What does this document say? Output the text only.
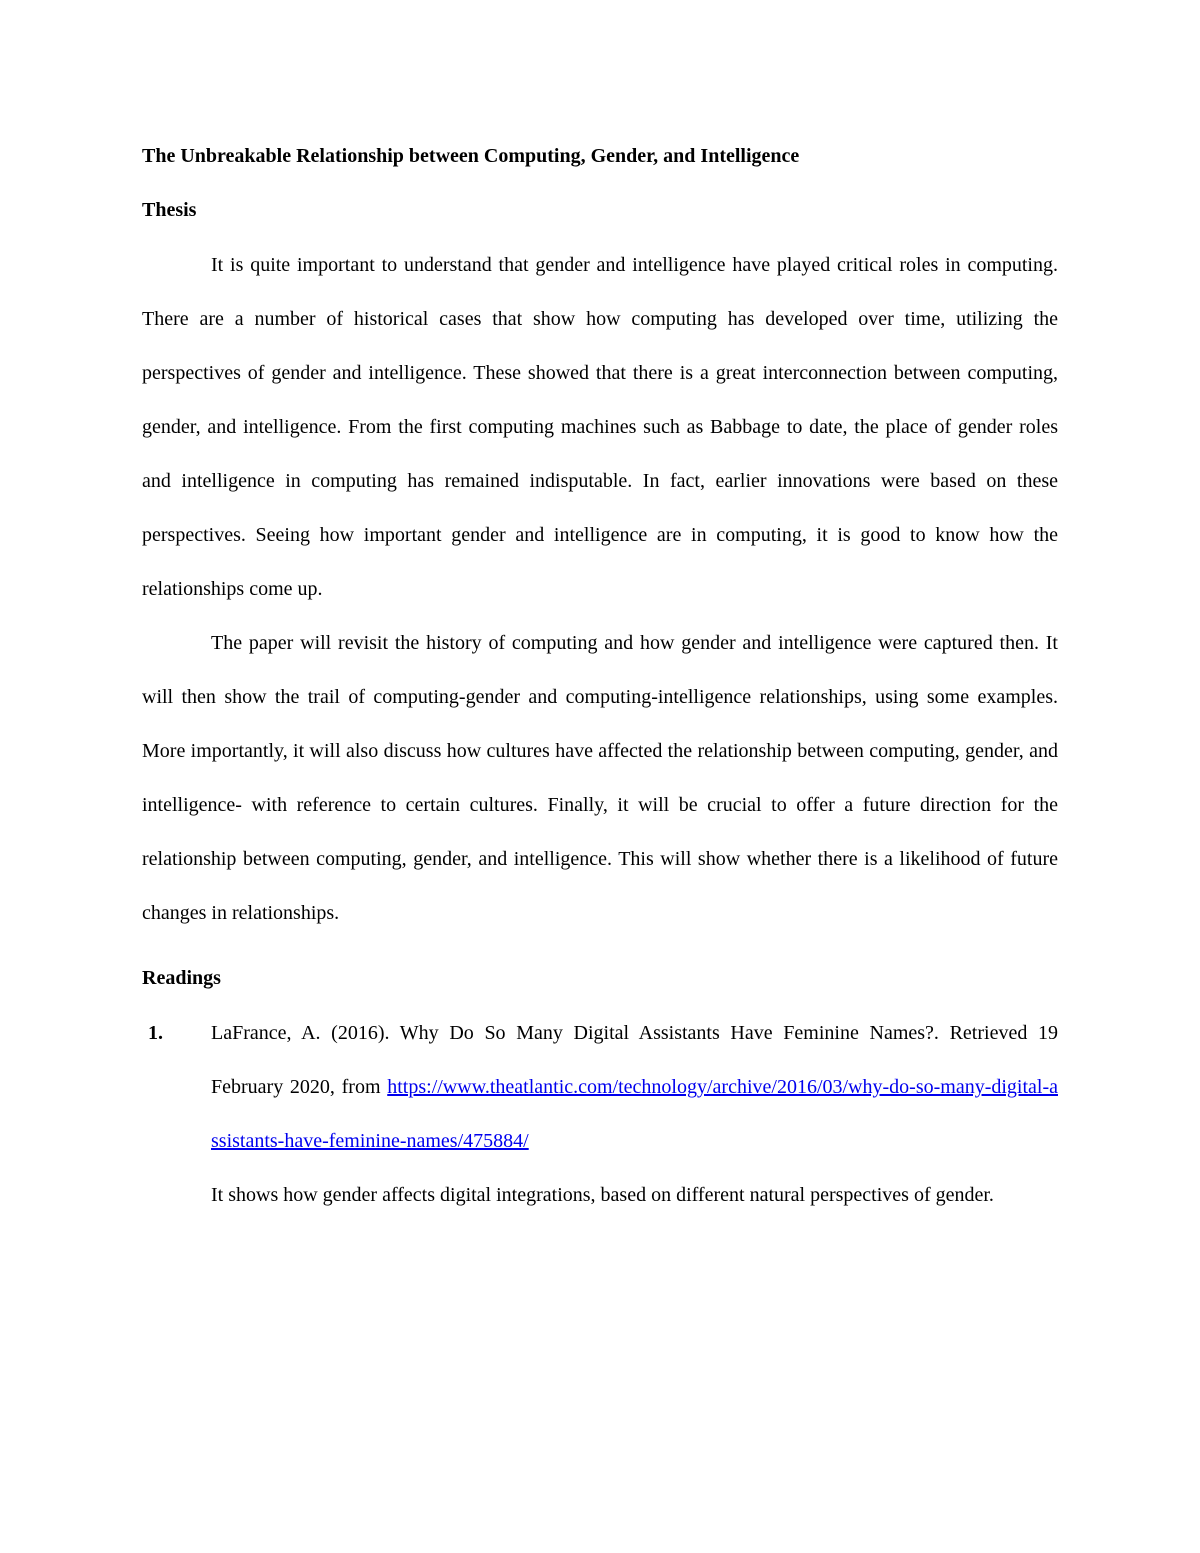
The Unbreakable Relationship between Computing, Gender, and Intelligence
Thesis

It is quite important to understand that gender and intelligence have played critical roles in computing. There are a number of historical cases that show how computing has developed over time, utilizing the perspectives of gender and intelligence. These showed that there is a great interconnection between computing, gender, and intelligence. From the first computing machines such as Babbage to date, the place of gender roles and intelligence in computing has remained indisputable. In fact, earlier innovations were based on these perspectives. Seeing how important gender and intelligence are in computing, it is good to know how the relationships come up.

The paper will revisit the history of computing and how gender and intelligence were captured then. It will then show the trail of computing-gender and computing-intelligence relationships, using some examples. More importantly, it will also discuss how cultures have affected the relationship between computing, gender, and intelligence- with reference to certain cultures. Finally, it will be crucial to offer a future direction for the relationship between computing, gender, and intelligence. This will show whether there is a likelihood of future changes in relationships.

Readings
1. LaFrance, A. (2016). Why Do So Many Digital Assistants Have Feminine Names?. Retrieved 19 February 2020, from https://www.theatlantic.com/technology/archive/2016/03/why-do-so-many-digital-assistants-have-feminine-names/475884/

It shows how gender affects digital integrations, based on different natural perspectives of gender.
